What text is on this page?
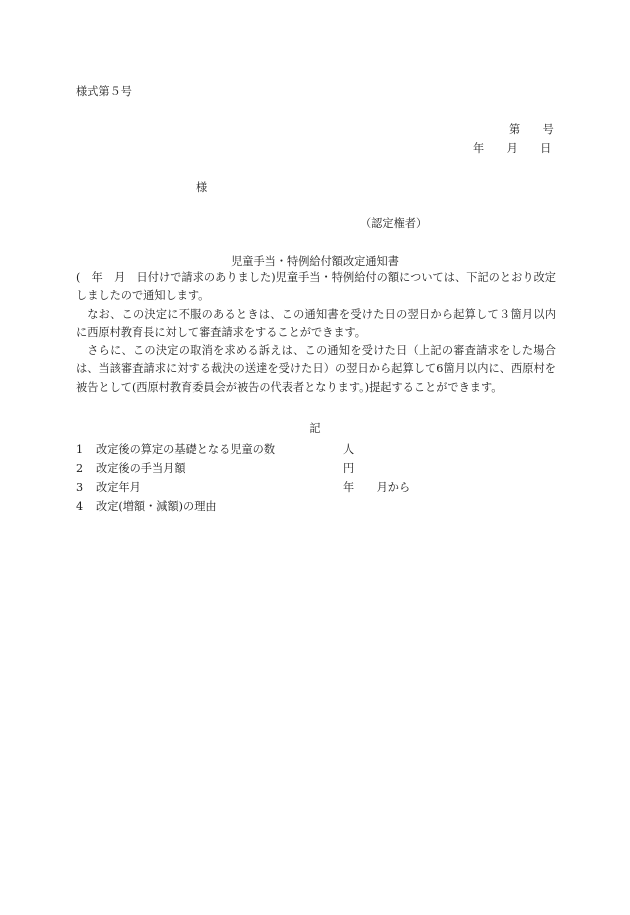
様式第５号
第　　号
年　　月　　日
様
（認定権者）
児童手当・特例給付額改定通知書

(　年　月　日付けで請求のありました)児童手当・特例給付の額については、下記のとおり改定しましたので通知します。

なお、この決定に不服のあるときは、この通知書を受けた日の翌日から起算して３箇月以内に西原村教育長に対して審査請求をすることができます。

さらに、この決定の取消を求める訴えは、この通知を受けた日（上記の審査請求をした場合は、当該審査請求に対する裁決の送達を受けた日）の翌日から起算して6箇月以内に、西原村を被告として(西原村教育委員会が被告の代表者となります。)提起することができます。

記
1 改定後の算定の基礎となる児童の数	人
2 改定後の手当月額	円
3 改定年月	年　　月から
4 改定(増額・減額)の理由
